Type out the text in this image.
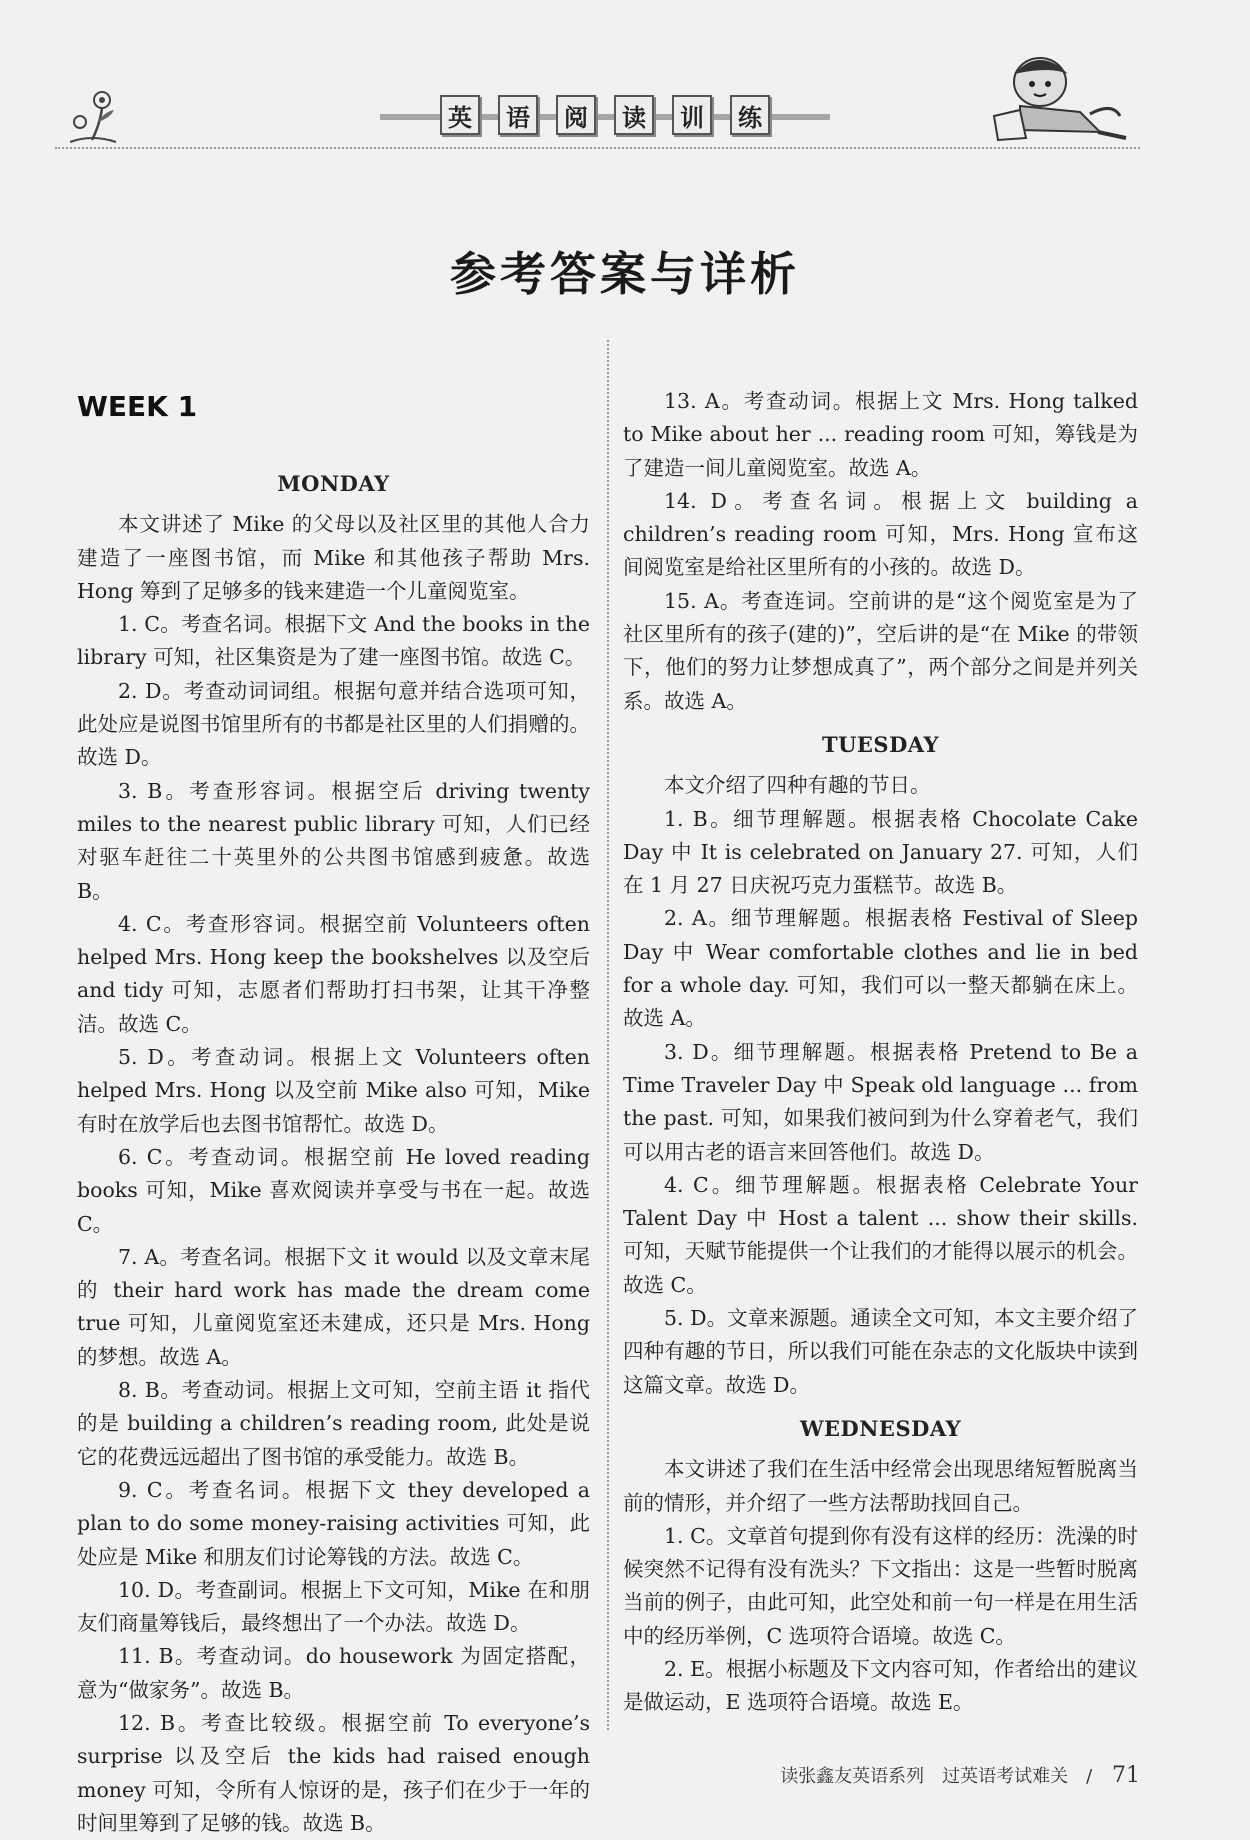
英	语	阅	读	训	练
参考答案与详析
WEEK 1
MONDAY

本文讲述了 Mike 的父母以及社区里的其他人合力建造了一座图书馆，而 Mike 和其他孩子帮助 Mrs. Hong 筹到了足够多的钱来建造一个儿童阅览室。

1. C。考查名词。根据下文 And the books in the library 可知，社区集资是为了建一座图书馆。故选 C。

2. D。考查动词词组。根据句意并结合选项可知，此处应是说图书馆里所有的书都是社区里的人们捐赠的。故选 D。

3. B。考查形容词。根据空后 driving twenty miles to the nearest public library 可知，人们已经对驱车赶往二十英里外的公共图书馆感到疲惫。故选 B。

4. C。考查形容词。根据空前 Volunteers often helped Mrs. Hong keep the bookshelves 以及空后 and tidy 可知，志愿者们帮助打扫书架，让其干净整洁。故选 C。

5. D。考查动词。根据上文 Volunteers often helped Mrs. Hong 以及空前 Mike also 可知，Mike 有时在放学后也去图书馆帮忙。故选 D。

6. C。考查动词。根据空前 He loved reading books 可知，Mike 喜欢阅读并享受与书在一起。故选 C。

7. A。考查名词。根据下文 it would 以及文章末尾的 their hard work has made the dream come true 可知，儿童阅览室还未建成，还只是 Mrs. Hong 的梦想。故选 A。

8. B。考查动词。根据上文可知，空前主语 it 指代的是 building a children’s reading room, 此处是说它的花费远远超出了图书馆的承受能力。故选 B。

9. C。考查名词。根据下文 they developed a plan to do some money-raising activities 可知，此处应是 Mike 和朋友们讨论筹钱的方法。故选 C。

10. D。考查副词。根据上下文可知，Mike 在和朋友们商量筹钱后，最终想出了一个办法。故选 D。

11. B。考查动词。do housework 为固定搭配，意为“做家务”。故选 B。

12. B。考查比较级。根据空前 To everyone’s surprise 以及空后 the kids had raised enough money 可知，令所有人惊讶的是，孩子们在少于一年的时间里筹到了足够的钱。故选 B。

13. A。考查动词。根据上文 Mrs. Hong talked to Mike about her ... reading room 可知，筹钱是为了建造一间儿童阅览室。故选 A。

14. D。考查名词。根据上文 building a children’s reading room 可知，Mrs. Hong 宣布这间阅览室是给社区里所有的小孩的。故选 D。

15. A。考查连词。空前讲的是“这个阅览室是为了社区里所有的孩子(建的)”，空后讲的是“在 Mike 的带领下，他们的努力让梦想成真了”，两个部分之间是并列关系。故选 A。

TUESDAY

本文介绍了四种有趣的节日。

1. B。细节理解题。根据表格 Chocolate Cake Day 中 It is celebrated on January 27. 可知，人们在 1 月 27 日庆祝巧克力蛋糕节。故选 B。

2. A。细节理解题。根据表格 Festival of Sleep Day 中 Wear comfortable clothes and lie in bed for a whole day. 可知，我们可以一整天都躺在床上。故选 A。

3. D。细节理解题。根据表格 Pretend to Be a Time Traveler Day 中 Speak old language ... from the past. 可知，如果我们被问到为什么穿着老气，我们可以用古老的语言来回答他们。故选 D。

4. C。细节理解题。根据表格 Celebrate Your Talent Day 中 Host a talent ... show their skills. 可知，天赋节能提供一个让我们的才能得以展示的机会。故选 C。

5. D。文章来源题。通读全文可知，本文主要介绍了四种有趣的节日，所以我们可能在杂志的文化版块中读到这篇文章。故选 D。

WEDNESDAY

本文讲述了我们在生活中经常会出现思绪短暂脱离当前的情形，并介绍了一些方法帮助找回自己。

1. C。文章首句提到你有没有这样的经历：洗澡的时候突然不记得有没有洗头？下文指出：这是一些暂时脱离当前的例子，由此可知，此空处和前一句一样是在用生活中的经历举例，C 选项符合语境。故选 C。

2. E。根据小标题及下文内容可知，作者给出的建议是做运动，E 选项符合语境。故选 E。

读张鑫友英语系列　过英语考试难关　/ 71
